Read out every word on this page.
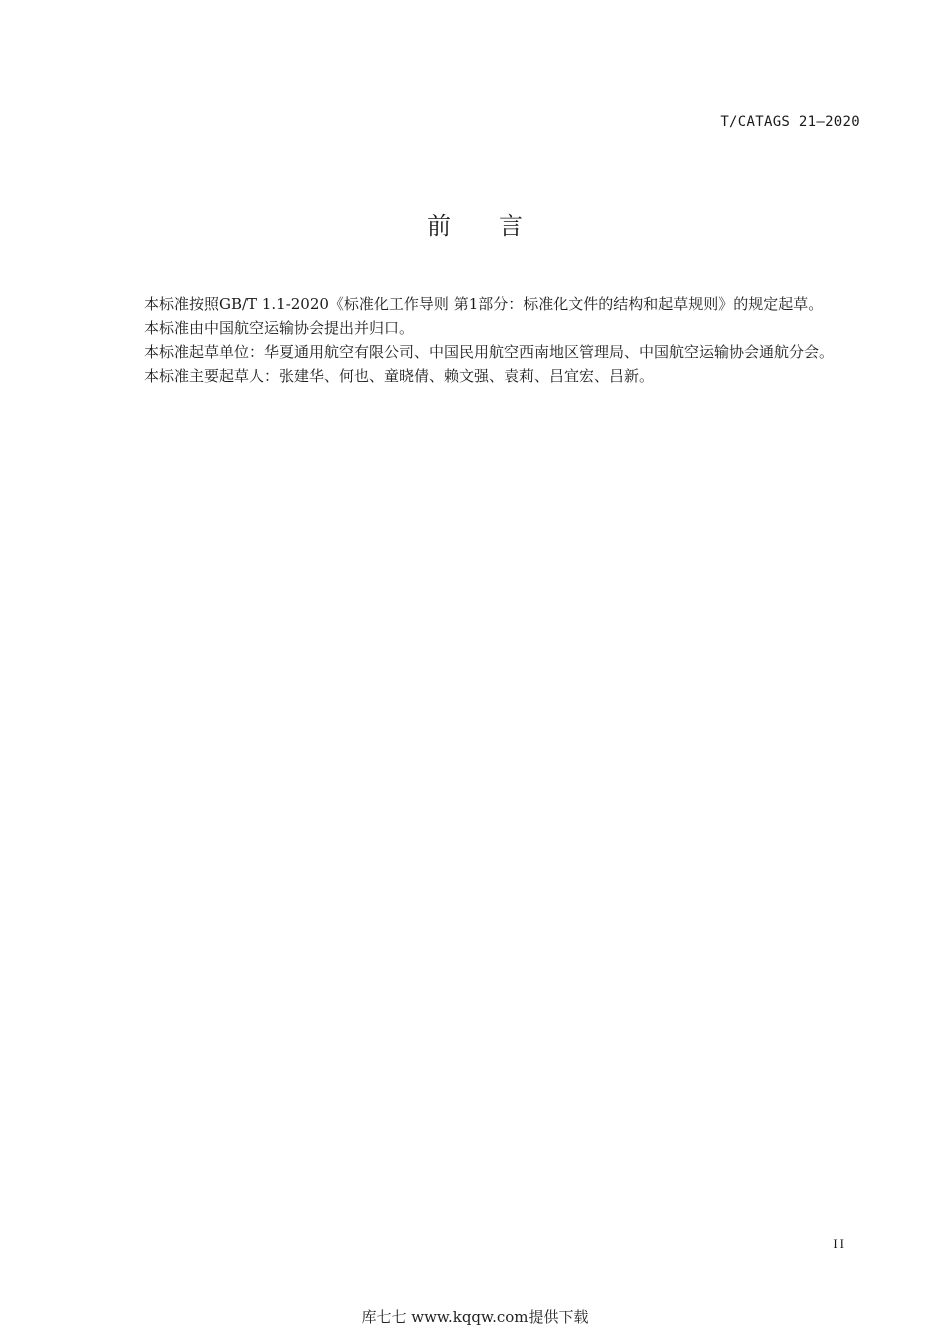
T/CATAGS 21—2020
前言

本标准按照GB/T 1.1-2020《标准化工作导则 第1部分：标准化文件的结构和起草规则》的规定起草。

本标准由中国航空运输协会提出并归口。

本标准起草单位：华夏通用航空有限公司、中国民用航空西南地区管理局、中国航空运输协会通航分会。

本标准主要起草人：张建华、何也、童晓倩、赖文强、袁莉、吕宜宏、吕新。

II
库七七 www.kqqw.com提供下载
